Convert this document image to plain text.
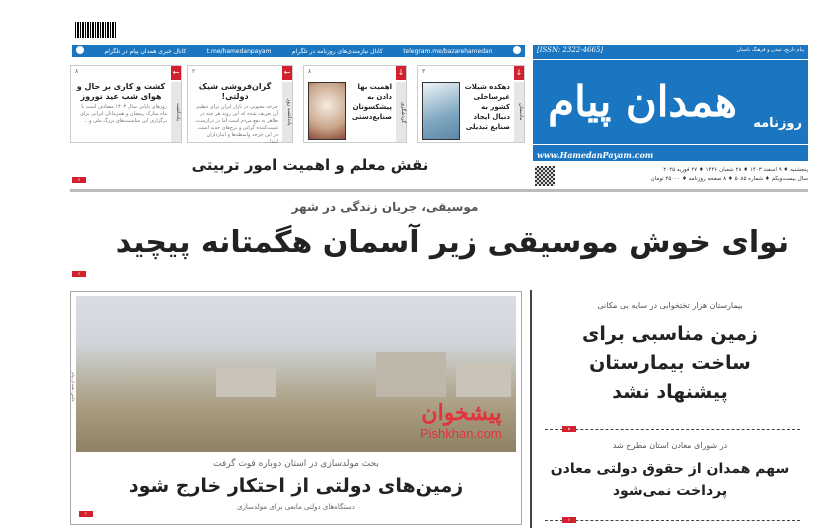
telegram.me/bazarehamedan
کانال نیازمندی‌های روزنامه در تلگرام
t.me/hamedanpayam
کانال خبری همدان پیام در تلگرام
↓
مادستان
۳
دهکده شیلات غیرساحلی کشور به دنبال ایجاد صنایع تبدیلی
↓
گردشگری
۸
اهمیت بها دادن به پیشکسوتان صنایع‌دستی
←
یادداشت روز
۲
گران‌فروشی شیک دولتی!
چرخه معیوبی در بازار ایران برای تنظیم آن تعریف شده که این روند هر چند در ظاهر به نفع مردم است اما در درازمدت تثبیت‌کننده گرانی و نرخ‌های جدید است. در این چرخه واسطه‌ها و انبارداران ابتدا...
←
یادداشت
۸
کشت و کاری بر حال و هوای شب عید نوروز
روزهای پایانی سال ۱۴۰۳ مصادف است با ماه مبارک رمضان و همزمانان ایرانی برای برگزاری این مناسبت‌های بزرگ ملی و...
[ISSN: 2322-4665]	پیام تاریخ، تمدن و فرهنگ باستان
همدان پیام	روزنامه
www.HamedanPayam.com
پنجشنبه ♦ ۹ اسفند ۱۴۰۳ ♦ ۲۸ شعبان ۱۴۴۶ ♦ ۲۷ فوریه ۲۰۲۵
سال بیست‌ویکم ♦ شماره ۵۰۸۵ ♦ ۸ صفحه روزنامه ♦ ۲۵۰۰۰ تومان
نقش معلم و اهمیت امور تربیتی
۷
موسیقی، جریان زندگی در شهر
نوای خوش موسیقی زیر آسمان هگمتانه پیچید
۷
بحث مولدسازی در استان دوباره قوت گرفت
زمین‌های دولتی از احتکار خارج شود
دستگاه‌های دولتی مانعی برای مولدسازی
۲
عکس: همدان پیام
بیمارستان هزار تختخوابی در سایه بی مکانی
زمین مناسبی برای ساخت بیمارستان پیشنهاد نشد
۵
در شورای معادن استان مطرح شد
سهم همدان از حقوق دولتی معادن پرداخت نمی‌شود
۶
پیشخوان
Pishkhan.com
